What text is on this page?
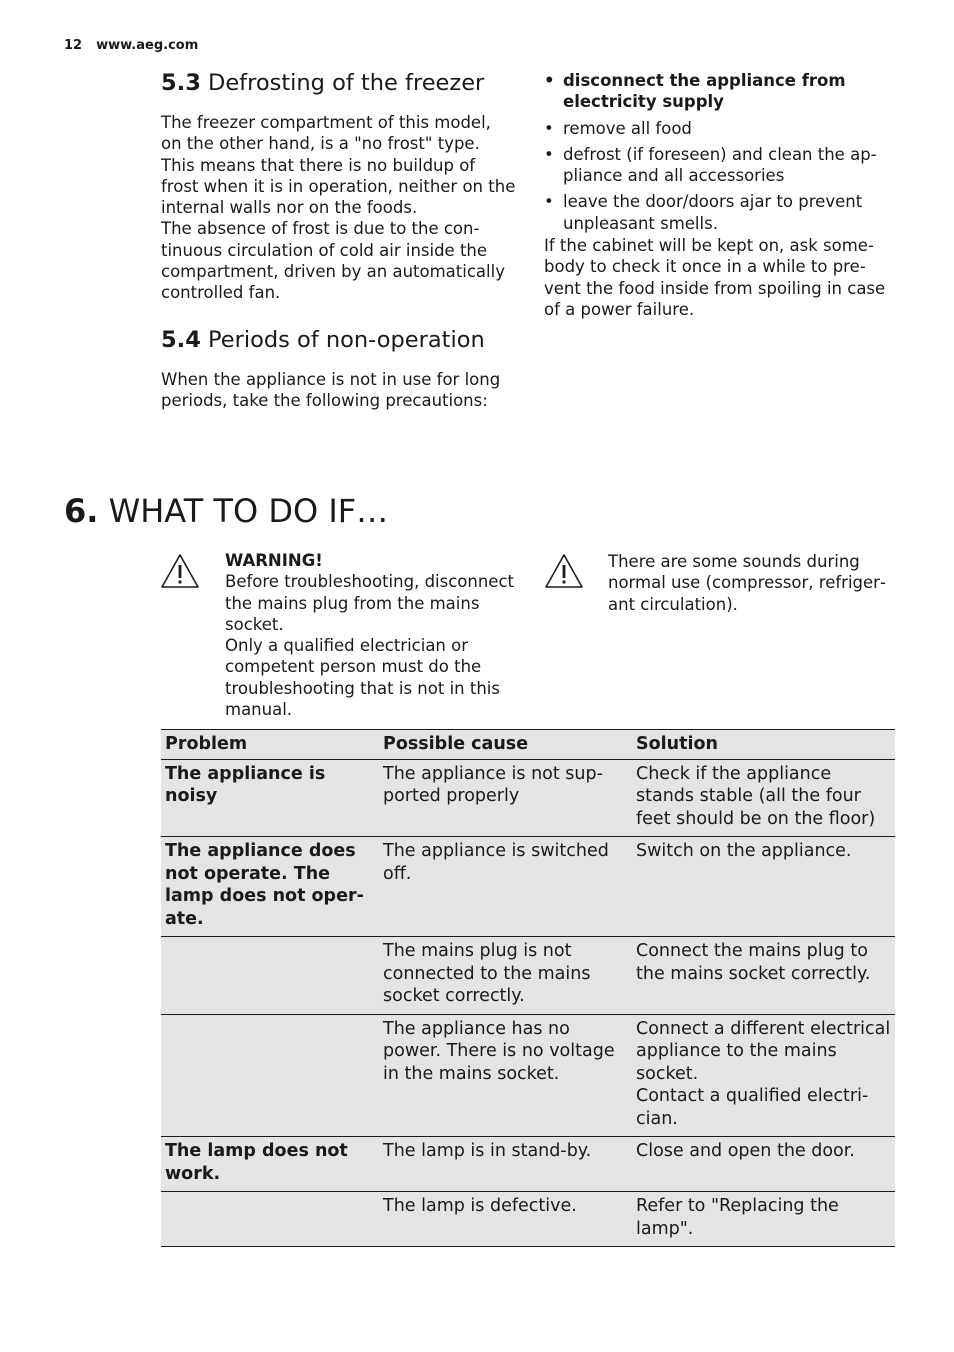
12 www.aeg.com
5.3 Defrosting of the freezer

The freezer compartment of this model, on the other hand, is a "no frost" type. This means that there is no buildup of frost when it is in operation, neither on the internal walls nor on the foods.
The absence of frost is due to the continuous circulation of cold air inside the compartment, driven by an automatically controlled fan.

5.4 Periods of non-operation

When the appliance is not in use for long periods, take the following precautions:

• disconnect the appliance from electricity supply
• remove all food
• defrost (if foreseen) and clean the appliance and all accessories
• leave the door/doors ajar to prevent unpleasant smells.

If the cabinet will be kept on, ask somebody to check it once in a while to prevent the food inside from spoiling in case of a power failure.

6. WHAT TO DO IF…
WARNING!
Before troubleshooting, disconnect the mains plug from the mains socket.
Only a qualified electrician or competent person must do the troubleshooting that is not in this manual.
There are some sounds during normal use (compressor, refrigerant circulation).
Problem	Possible cause	Solution
The appliance is noisy	The appliance is not supported properly	Check if the appliance stands stable (all the four feet should be on the floor)
The appliance does not operate. The lamp does not operate.	The appliance is switched off.	Switch on the appliance.
	The mains plug is not connected to the mains socket correctly.	Connect the mains plug to the mains socket correctly.
	The appliance has no power. There is no voltage in the mains socket.	Connect a different electrical appliance to the mains socket.
Contact a qualified electrician.
The lamp does not work.	The lamp is in stand-by.	Close and open the door.
	The lamp is defective.	Refer to "Replacing the lamp".
